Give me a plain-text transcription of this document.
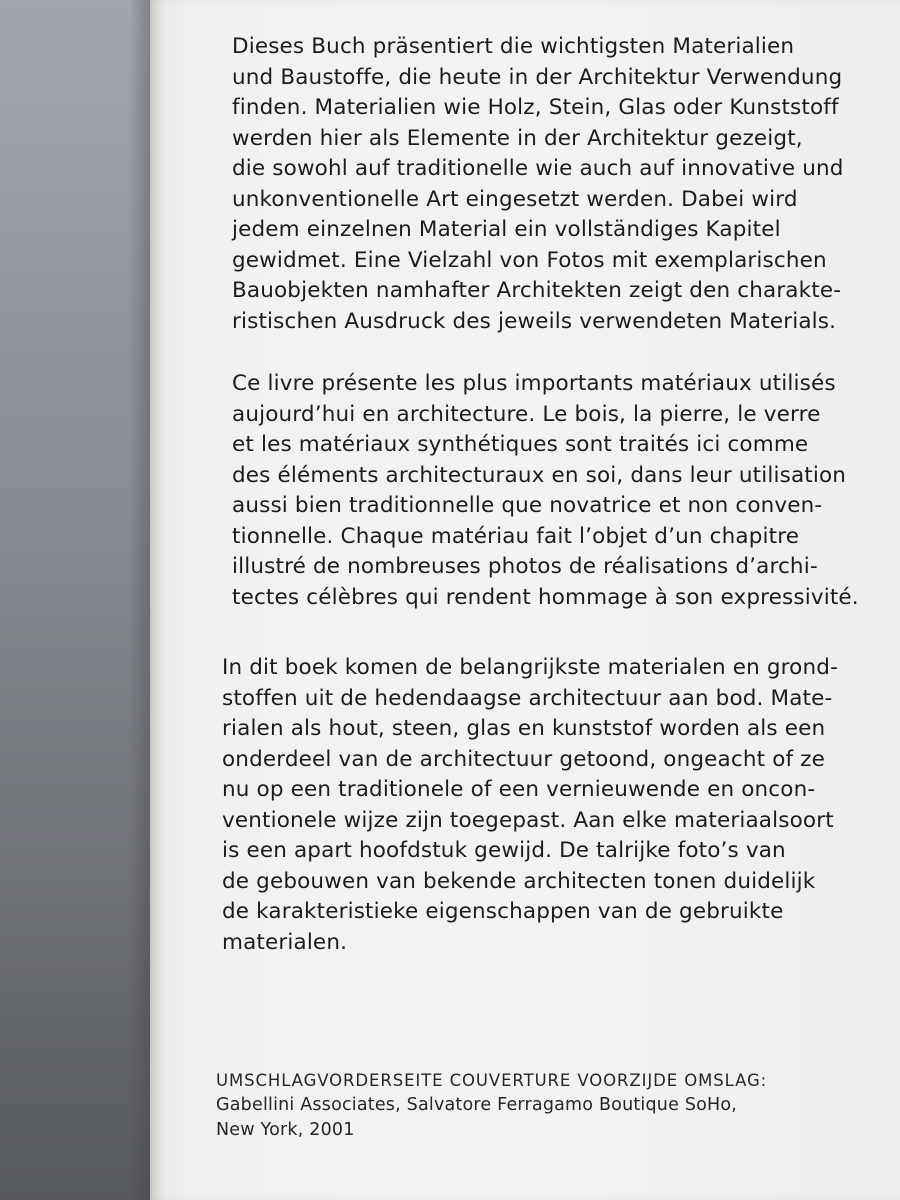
Dieses Buch präsentiert die wichtigsten Materialien
und Baustoffe, die heute in der Architektur Verwendung
finden. Materialien wie Holz, Stein, Glas oder Kunststoff
werden hier als Elemente in der Architektur gezeigt,
die sowohl auf traditionelle wie auch auf innovative und
unkonventionelle Art eingesetzt werden. Dabei wird
jedem einzelnen Material ein vollständiges Kapitel
gewidmet. Eine Vielzahl von Fotos mit exemplarischen
Bauobjekten namhafter Architekten zeigt den charakte-
ristischen Ausdruck des jeweils verwendeten Materials.
Ce livre présente les plus importants matériaux utilisés
aujourd’hui en architecture. Le bois, la pierre, le verre
et les matériaux synthétiques sont traités ici comme
des éléments architecturaux en soi, dans leur utilisation
aussi bien traditionnelle que novatrice et non conven-
tionnelle. Chaque matériau fait l’objet d’un chapitre
illustré de nombreuses photos de réalisations d’archi-
tectes célèbres qui rendent hommage à son expressivité.
In dit boek komen de belangrijkste materialen en grond-
stoffen uit de hedendaagse architectuur aan bod. Mate-
rialen als hout, steen, glas en kunststof worden als een
onderdeel van de architectuur getoond, ongeacht of ze
nu op een traditionele of een vernieuwende en oncon-
ventionele wijze zijn toegepast. Aan elke materiaalsoort
is een apart hoofdstuk gewijd. De talrijke foto’s van
de gebouwen van bekende architecten tonen duidelijk
de karakteristieke eigenschappen van de gebruikte
materialen.
UMSCHLAGVORDERSEITE COUVERTURE VOORZIJDE OMSLAG:
Gabellini Associates, Salvatore Ferragamo Boutique SoHo,
New York, 2001
